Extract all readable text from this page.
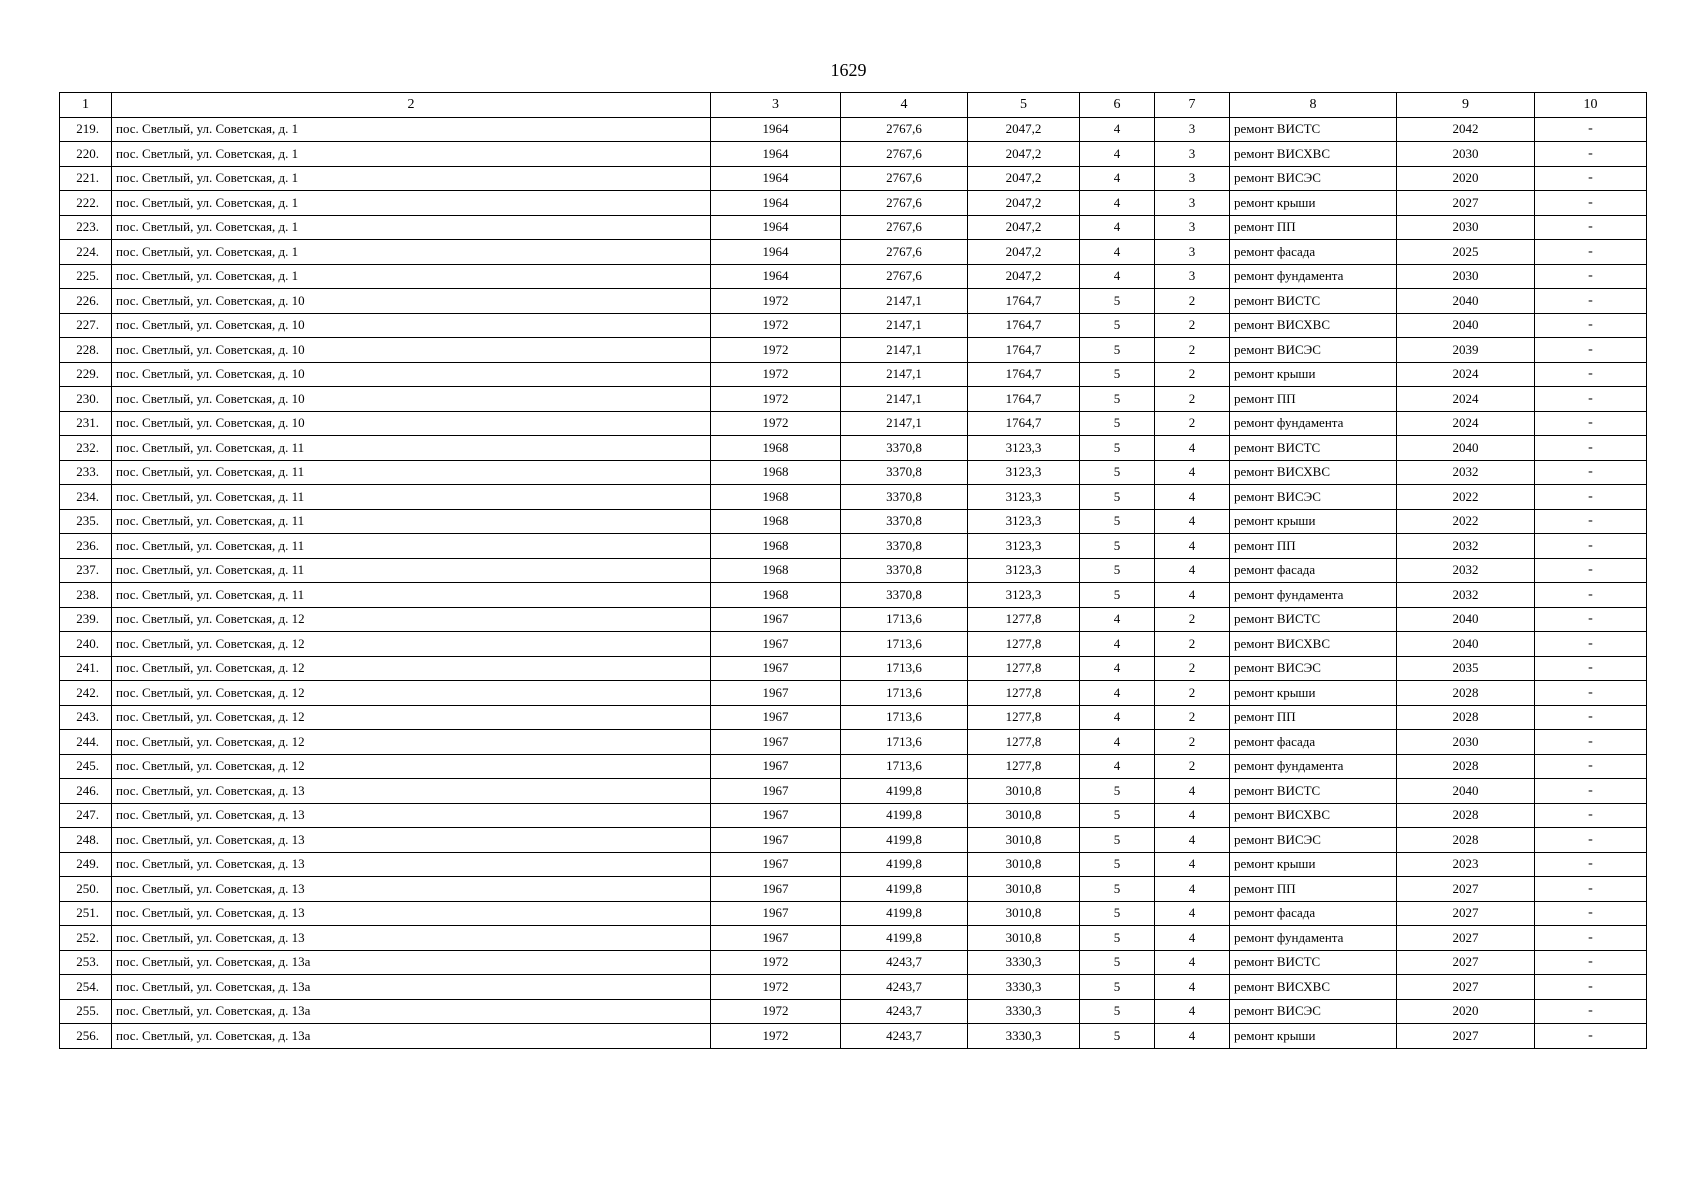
1629
1	2	3	4	5	6	7	8	9	10
219.	пос. Светлый, ул. Советская, д. 1	1964	2767,6	2047,2	4	3	ремонт ВИСТС	2042	-
220.	пос. Светлый, ул. Советская, д. 1	1964	2767,6	2047,2	4	3	ремонт ВИСХВС	2030	-
221.	пос. Светлый, ул. Советская, д. 1	1964	2767,6	2047,2	4	3	ремонт ВИСЭС	2020	-
222.	пос. Светлый, ул. Советская, д. 1	1964	2767,6	2047,2	4	3	ремонт крыши	2027	-
223.	пос. Светлый, ул. Советская, д. 1	1964	2767,6	2047,2	4	3	ремонт ПП	2030	-
224.	пос. Светлый, ул. Советская, д. 1	1964	2767,6	2047,2	4	3	ремонт фасада	2025	-
225.	пос. Светлый, ул. Советская, д. 1	1964	2767,6	2047,2	4	3	ремонт фундамента	2030	-
226.	пос. Светлый, ул. Советская, д. 10	1972	2147,1	1764,7	5	2	ремонт ВИСТС	2040	-
227.	пос. Светлый, ул. Советская, д. 10	1972	2147,1	1764,7	5	2	ремонт ВИСХВС	2040	-
228.	пос. Светлый, ул. Советская, д. 10	1972	2147,1	1764,7	5	2	ремонт ВИСЭС	2039	-
229.	пос. Светлый, ул. Советская, д. 10	1972	2147,1	1764,7	5	2	ремонт крыши	2024	-
230.	пос. Светлый, ул. Советская, д. 10	1972	2147,1	1764,7	5	2	ремонт ПП	2024	-
231.	пос. Светлый, ул. Советская, д. 10	1972	2147,1	1764,7	5	2	ремонт фундамента	2024	-
232.	пос. Светлый, ул. Советская, д. 11	1968	3370,8	3123,3	5	4	ремонт ВИСТС	2040	-
233.	пос. Светлый, ул. Советская, д. 11	1968	3370,8	3123,3	5	4	ремонт ВИСХВС	2032	-
234.	пос. Светлый, ул. Советская, д. 11	1968	3370,8	3123,3	5	4	ремонт ВИСЭС	2022	-
235.	пос. Светлый, ул. Советская, д. 11	1968	3370,8	3123,3	5	4	ремонт крыши	2022	-
236.	пос. Светлый, ул. Советская, д. 11	1968	3370,8	3123,3	5	4	ремонт ПП	2032	-
237.	пос. Светлый, ул. Советская, д. 11	1968	3370,8	3123,3	5	4	ремонт фасада	2032	-
238.	пос. Светлый, ул. Советская, д. 11	1968	3370,8	3123,3	5	4	ремонт фундамента	2032	-
239.	пос. Светлый, ул. Советская, д. 12	1967	1713,6	1277,8	4	2	ремонт ВИСТС	2040	-
240.	пос. Светлый, ул. Советская, д. 12	1967	1713,6	1277,8	4	2	ремонт ВИСХВС	2040	-
241.	пос. Светлый, ул. Советская, д. 12	1967	1713,6	1277,8	4	2	ремонт ВИСЭС	2035	-
242.	пос. Светлый, ул. Советская, д. 12	1967	1713,6	1277,8	4	2	ремонт крыши	2028	-
243.	пос. Светлый, ул. Советская, д. 12	1967	1713,6	1277,8	4	2	ремонт ПП	2028	-
244.	пос. Светлый, ул. Советская, д. 12	1967	1713,6	1277,8	4	2	ремонт фасада	2030	-
245.	пос. Светлый, ул. Советская, д. 12	1967	1713,6	1277,8	4	2	ремонт фундамента	2028	-
246.	пос. Светлый, ул. Советская, д. 13	1967	4199,8	3010,8	5	4	ремонт ВИСТС	2040	-
247.	пос. Светлый, ул. Советская, д. 13	1967	4199,8	3010,8	5	4	ремонт ВИСХВС	2028	-
248.	пос. Светлый, ул. Советская, д. 13	1967	4199,8	3010,8	5	4	ремонт ВИСЭС	2028	-
249.	пос. Светлый, ул. Советская, д. 13	1967	4199,8	3010,8	5	4	ремонт крыши	2023	-
250.	пос. Светлый, ул. Советская, д. 13	1967	4199,8	3010,8	5	4	ремонт ПП	2027	-
251.	пос. Светлый, ул. Советская, д. 13	1967	4199,8	3010,8	5	4	ремонт фасада	2027	-
252.	пос. Светлый, ул. Советская, д. 13	1967	4199,8	3010,8	5	4	ремонт фундамента	2027	-
253.	пос. Светлый, ул. Советская, д. 13а	1972	4243,7	3330,3	5	4	ремонт ВИСТС	2027	-
254.	пос. Светлый, ул. Советская, д. 13а	1972	4243,7	3330,3	5	4	ремонт ВИСХВС	2027	-
255.	пос. Светлый, ул. Советская, д. 13а	1972	4243,7	3330,3	5	4	ремонт ВИСЭС	2020	-
256.	пос. Светлый, ул. Советская, д. 13а	1972	4243,7	3330,3	5	4	ремонт крыши	2027	-
